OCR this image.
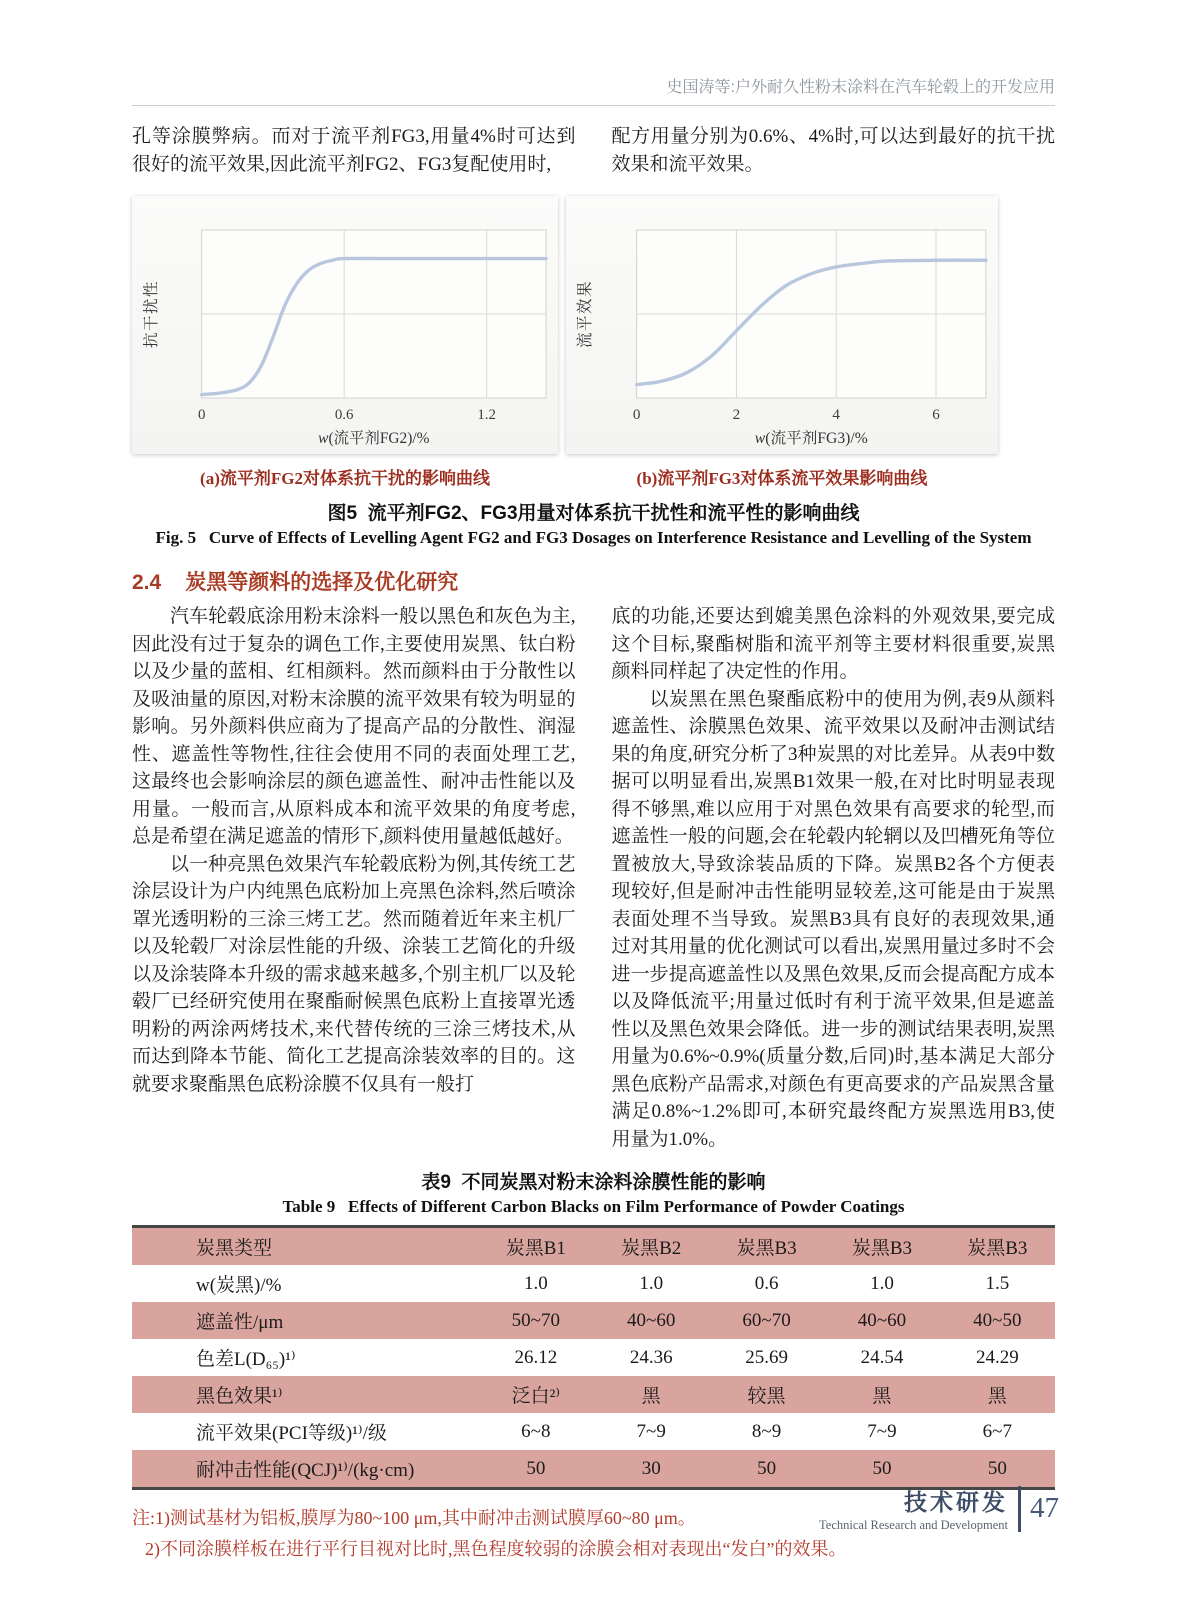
史国涛等:户外耐久性粉末涂料在汽车轮毂上的开发应用

孔等涂膜弊病。而对于流平剂FG3,用量4%时可达到很好的流平效果,因此流平剂FG2、FG3复配使用时,

配方用量分别为0.6%、4%时,可以达到最好的抗干扰效果和流平效果。

0	0.6	1.2
w(流平剂FG2)/%
抗干扰性
(a)流平剂FG2对体系抗干扰的影响曲线
0	2	4	6
w(流平剂FG3)/%
流平效果
(b)流平剂FG3对体系流平效果影响曲线
图5  流平剂FG2、FG3用量对体系抗干扰性和流平性的影响曲线
Fig. 5   Curve of Effects of Levelling Agent FG2 and FG3 Dosages on Interference Resistance and Levelling of the System
2.4 炭黑等颜料的选择及优化研究

汽车轮毂底涂用粉末涂料一般以黑色和灰色为主,因此没有过于复杂的调色工作,主要使用炭黑、钛白粉以及少量的蓝相、红相颜料。然而颜料由于分散性以及吸油量的原因,对粉末涂膜的流平效果有较为明显的影响。另外颜料供应商为了提高产品的分散性、润湿性、遮盖性等物性,往往会使用不同的表面处理工艺,这最终也会影响涂层的颜色遮盖性、耐冲击性能以及用量。一般而言,从原料成本和流平效果的角度考虑,总是希望在满足遮盖的情形下,颜料使用量越低越好。

以一种亮黑色效果汽车轮毂底粉为例,其传统工艺涂层设计为户内纯黑色底粉加上亮黑色涂料,然后喷涂罩光透明粉的三涂三烤工艺。然而随着近年来主机厂以及轮毂厂对涂层性能的升级、涂装工艺简化的升级以及涂装降本升级的需求越来越多,个别主机厂以及轮毂厂已经研究使用在聚酯耐候黑色底粉上直接罩光透明粉的两涂两烤技术,来代替传统的三涂三烤技术,从而达到降本节能、简化工艺提高涂装效率的目的。这就要求聚酯黑色底粉涂膜不仅具有一般打

底的功能,还要达到媲美黑色涂料的外观效果,要完成这个目标,聚酯树脂和流平剂等主要材料很重要,炭黑颜料同样起了决定性的作用。

以炭黑在黑色聚酯底粉中的使用为例,表9从颜料遮盖性、涂膜黑色效果、流平效果以及耐冲击测试结果的角度,研究分析了3种炭黑的对比差异。从表9中数据可以明显看出,炭黑B1效果一般,在对比时明显表现得不够黑,难以应用于对黑色效果有高要求的轮型,而遮盖性一般的问题,会在轮毂内轮辋以及凹槽死角等位置被放大,导致涂装品质的下降。炭黑B2各个方便表现较好,但是耐冲击性能明显较差,这可能是由于炭黑表面处理不当导致。炭黑B3具有良好的表现效果,通过对其用量的优化测试可以看出,炭黑用量过多时不会进一步提高遮盖性以及黑色效果,反而会提高配方成本以及降低流平;用量过低时有利于流平效果,但是遮盖性以及黑色效果会降低。进一步的测试结果表明,炭黑用量为0.6%~0.9%(质量分数,后同)时,基本满足大部分黑色底粉产品需求,对颜色有更高要求的产品炭黑含量满足0.8%~1.2%即可,本研究最终配方炭黑选用B3,使用量为1.0%。

表9  不同炭黑对粉末涂料涂膜性能的影响
Table 9   Effects of Different Carbon Blacks on Film Performance of Powder Coatings
炭黑类型	炭黑B1	炭黑B2	炭黑B3	炭黑B3	炭黑B3
w(炭黑)/%	1.0	1.0	0.6	1.0	1.5
遮盖性/μm	50~70	40~60	60~70	40~60	40~50
色差L(D₆₅)¹⁾	26.12	24.36	25.69	24.54	24.29
黑色效果¹⁾	泛白²⁾	黑	较黑	黑	黑
流平效果(PCI等级)¹⁾/级	6~8	7~9	8~9	7~9	6~7
耐冲击性能(QCJ)¹⁾/(kg·cm)	50	30	50	50	50

注:1)测试基材为铝板,膜厚为80~100 μm,其中耐冲击测试膜厚60~80 μm。

2)不同涂膜样板在进行平行目视对比时,黑色程度较弱的涂膜会相对表现出“发白”的效果。

技术研发
Technical Research and Development
47
